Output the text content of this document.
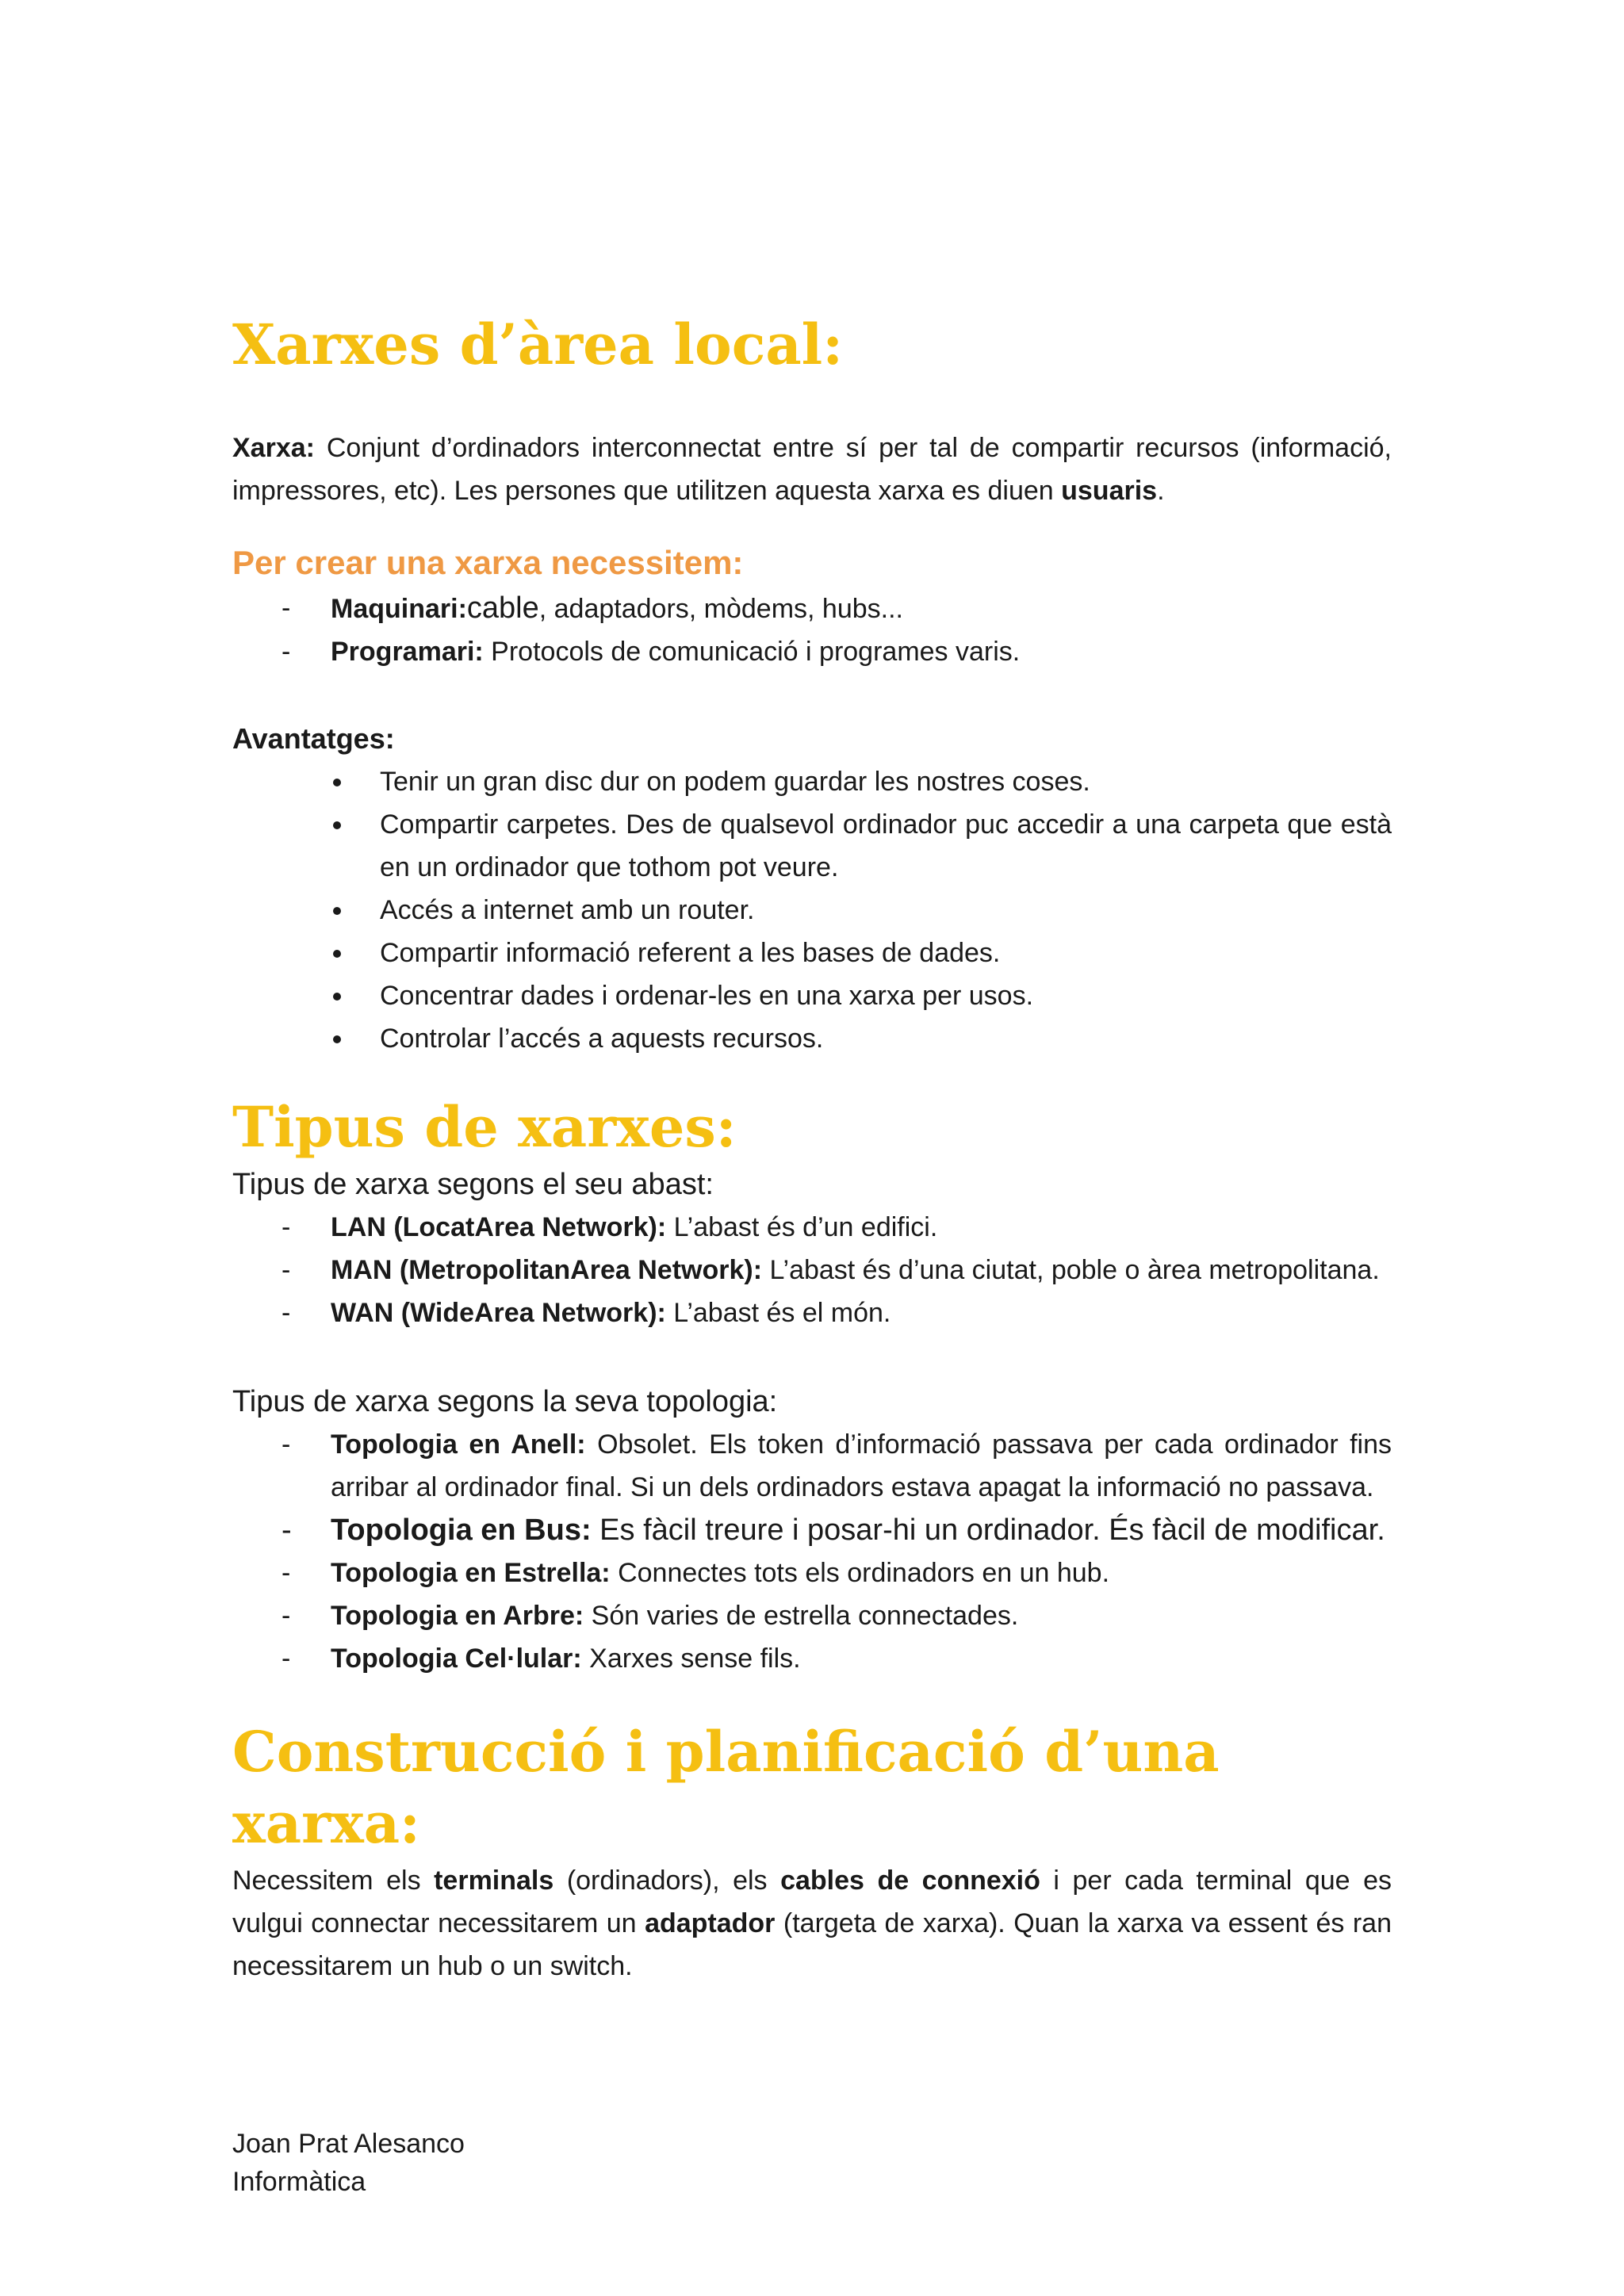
Xarxes d’àrea local:

Xarxa: Conjunt d’ordinadors interconnectat entre sí per tal de compartir recursos (informació, impressores, etc). Les persones que utilitzen aquesta xarxa es diuen usuaris.

Per crear una xarxa necessitem:
- Maquinari:cable, adaptadors, mòdems, hubs...
- Programari: Protocols de comunicació i programes varis.
Avantatges:
Tenir un gran disc dur on podem guardar les nostres coses.
Compartir carpetes. Des de qualsevol ordinador puc accedir a una carpeta que està en un ordinador que tothom pot veure.
Accés a internet amb un router.
Compartir informació referent a les bases de dades.
Concentrar dades i ordenar-les en una xarxa per usos.
Controlar l’accés a aquests recursos.
Tipus de xarxes:
Tipus de xarxa segons el seu abast:
- LAN (LocatArea Network): L’abast és d’un edifici.
- MAN (MetropolitanArea Network): L’abast és d’una ciutat, poble o àrea metropolitana.
- WAN (WideArea Network): L’abast és el món.
Tipus de xarxa segons la seva topologia:
- Topologia en Anell: Obsolet. Els token d’informació passava per cada ordinador fins arribar al ordinador final. Si un dels ordinadors estava apagat la informació no passava.
- Topologia en Bus: Es fàcil treure i posar-hi un ordinador. És fàcil de modificar.
- Topologia en Estrella: Connectes tots els ordinadors en un hub.
- Topologia en Arbre: Són varies de estrella connectades.
- Topologia Cel·lular: Xarxes sense fils.
Construcció i planificació d’una xarxa:

Necessitem els terminals (ordinadors), els cables de connexió i per cada terminal que es vulgui connectar necessitarem un adaptador (targeta de xarxa). Quan la xarxa va essent és ran necessitarem un hub o un switch.

Joan Prat Alesanco
Informàtica
